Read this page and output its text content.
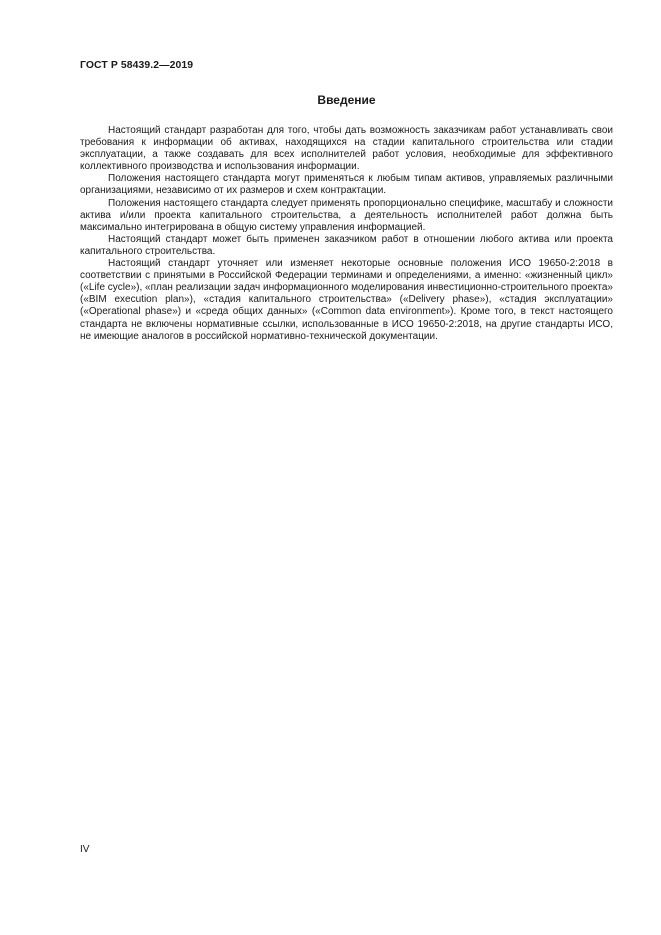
ГОСТ Р 58439.2—2019
Введение

Настоящий стандарт разработан для того, чтобы дать возможность заказчикам работ устанавливать свои требования к информации об активах, находящихся на стадии капитального строительства или стадии эксплуатации, а также создавать для всех исполнителей работ условия, необходимые для эффективного коллективного производства и использования информации.

Положения настоящего стандарта могут применяться к любым типам активов, управляемых различными организациями, независимо от их размеров и схем контрактации.

Положения настоящего стандарта следует применять пропорционально специфике, масштабу и сложности актива и/или проекта капитального строительства, а деятельность исполнителей работ должна быть максимально интегрирована в общую систему управления информацией.

Настоящий стандарт может быть применен заказчиком работ в отношении любого актива или проекта капитального строительства.

Настоящий стандарт уточняет или изменяет некоторые основные положения ИСО 19650-2:2018 в соответствии с принятыми в Российской Федерации терминами и определениями, а именно: «жизненный цикл» («Life cycle»), «план реализации задач информационного моделирования инвестиционно-строительного проекта» («BIM execution plan»), «стадия капитального строительства» («Delivery phase»), «стадия эксплуатации» («Operational phase») и «среда общих данных» («Common data environment»). Кроме того, в текст настоящего стандарта не включены нормативные ссылки, использованные в ИСО 19650-2:2018, на другие стандарты ИСО, не имеющие аналогов в российской нормативно-технической документации.

IV
